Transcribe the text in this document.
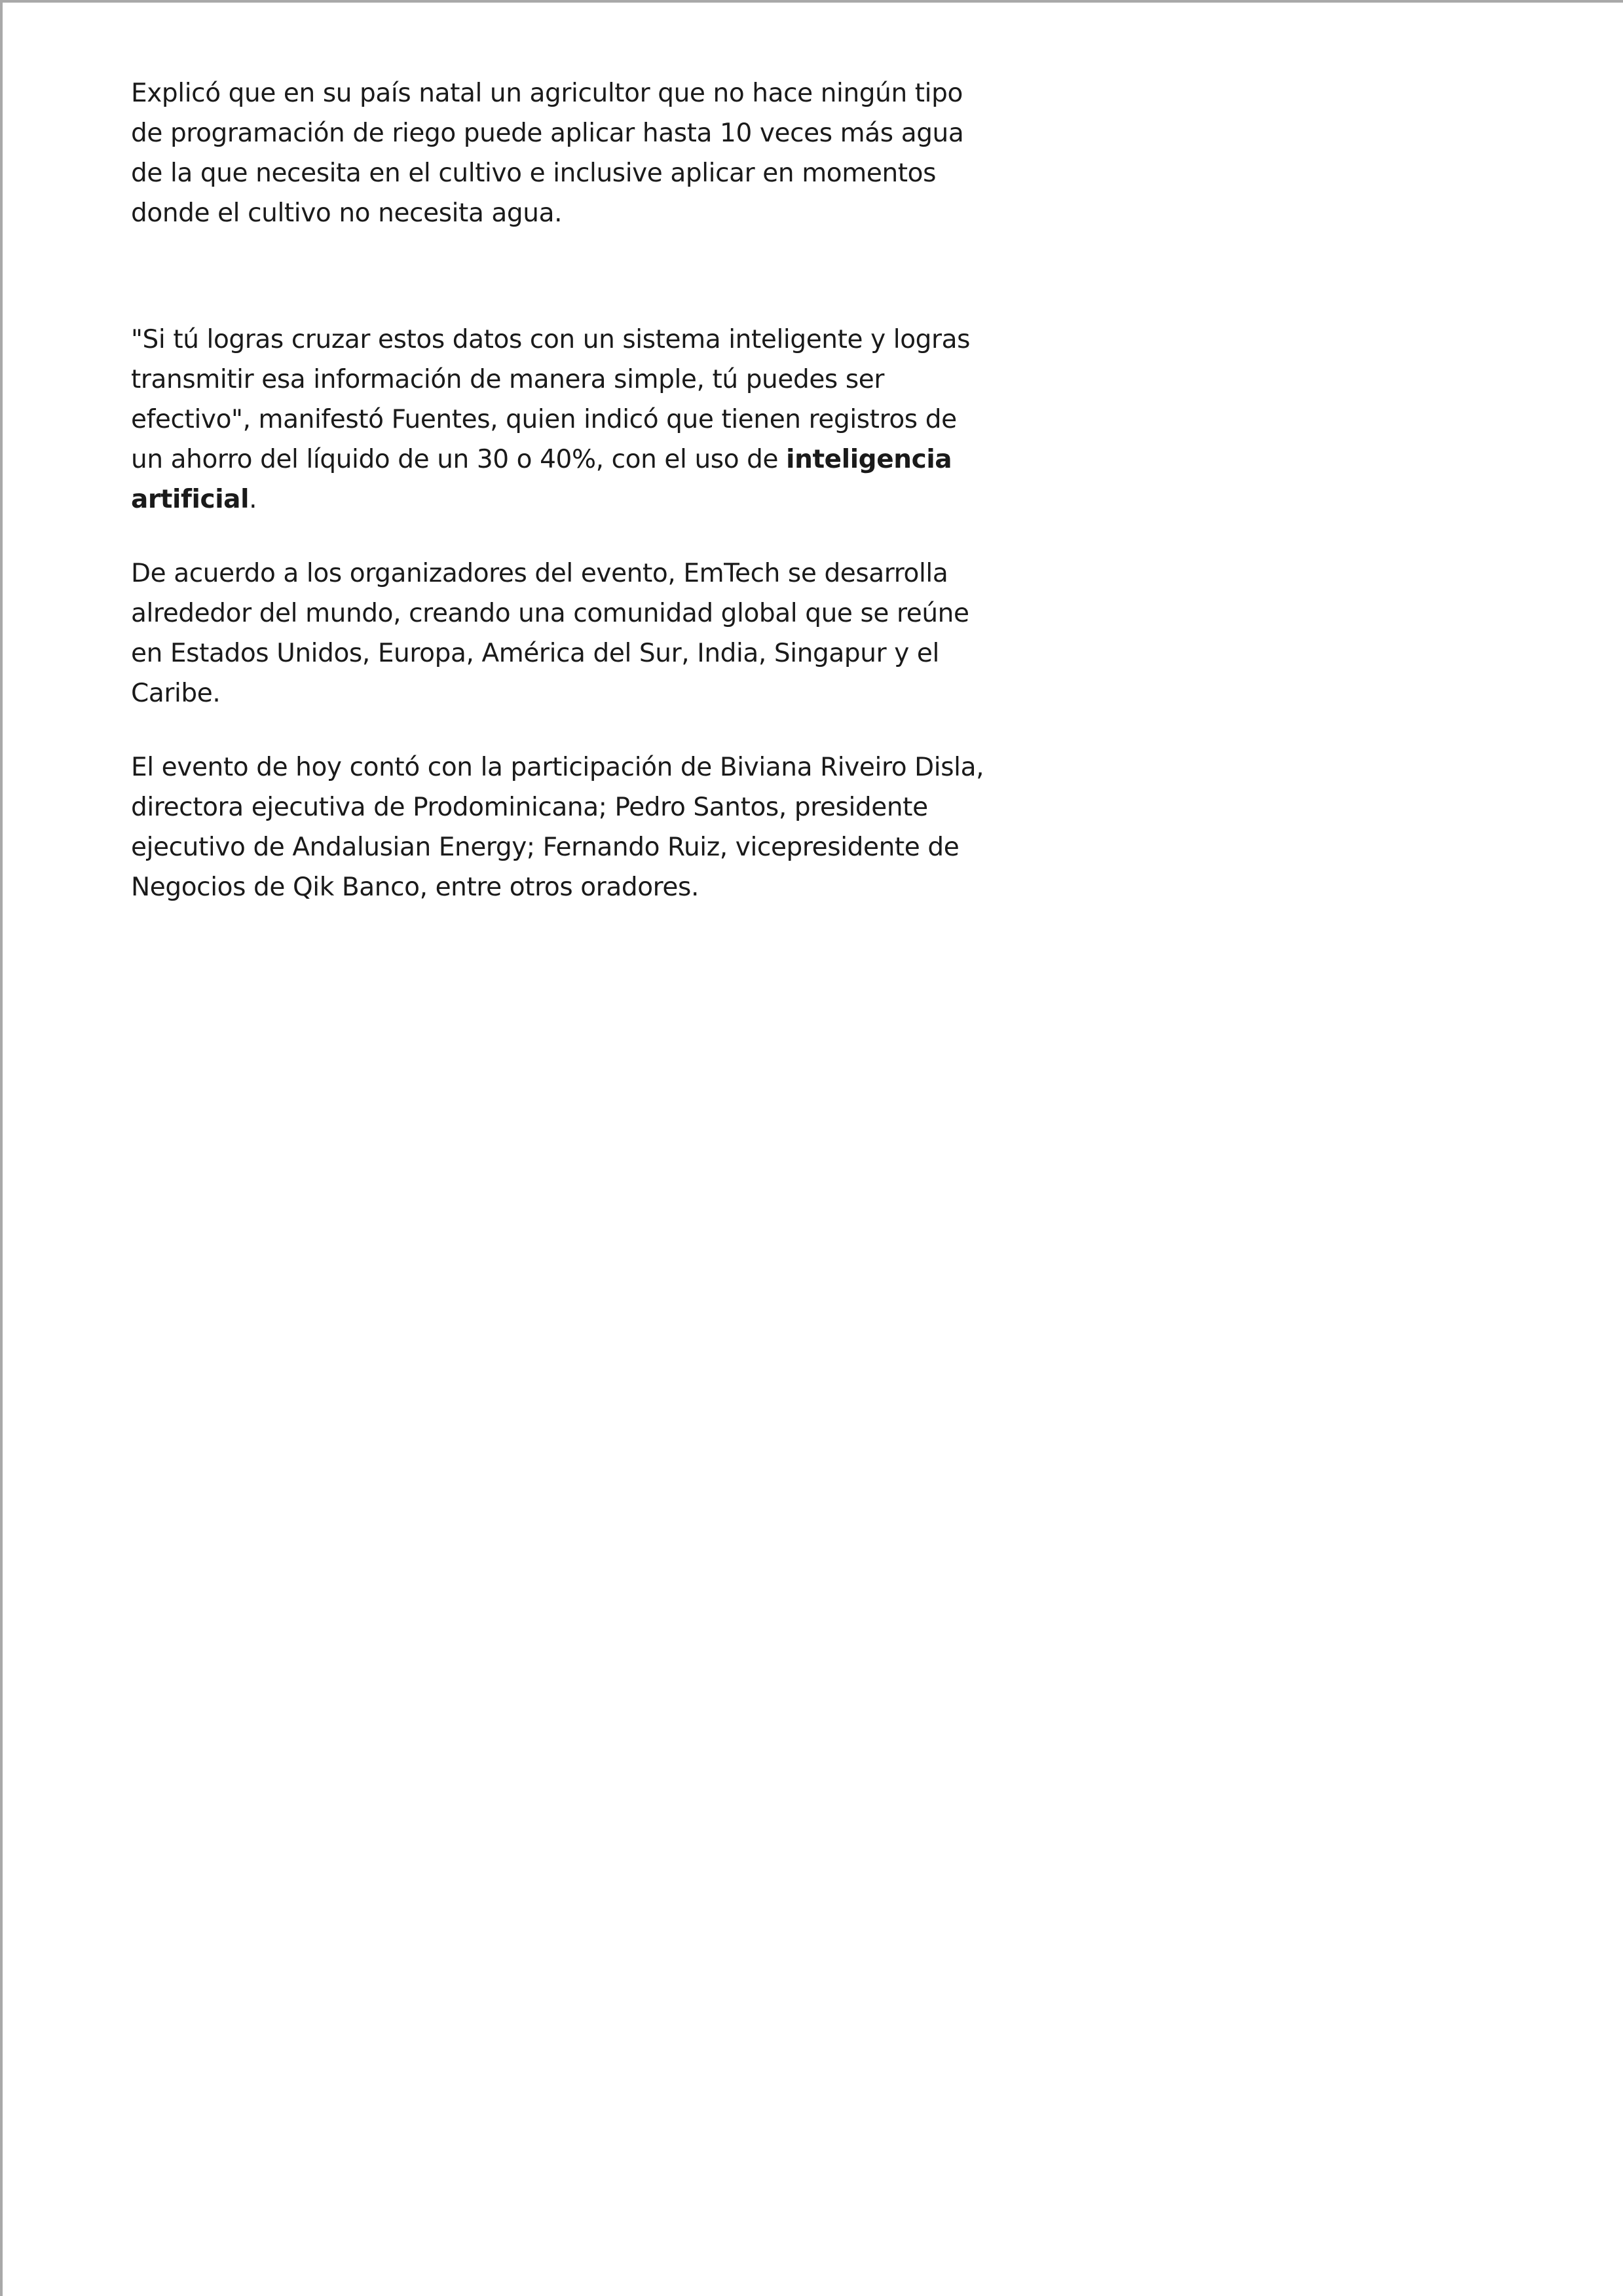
Explicó que en su país natal un agricultor que no hace ningún tipo de programación de riego puede aplicar hasta 10 veces más agua de la que necesita en el cultivo e inclusive aplicar en momentos donde el cultivo no necesita agua.

"Si tú logras cruzar estos datos con un sistema inteligente y logras transmitir esa información de manera simple, tú puedes ser efectivo", manifestó Fuentes, quien indicó que tienen registros de un ahorro del líquido de un 30 o 40%, con el uso de inteligencia artificial.

De acuerdo a los organizadores del evento, EmTech se desarrolla alrededor del mundo, creando una comunidad global que se reúne en Estados Unidos, Europa, América del Sur, India, Singapur y el Caribe.

El evento de hoy contó con la participación de Biviana Riveiro Disla, directora ejecutiva de Prodominicana; Pedro Santos, presidente ejecutivo de Andalusian Energy; Fernando Ruiz, vicepresidente de Negocios de Qik Banco, entre otros oradores.
